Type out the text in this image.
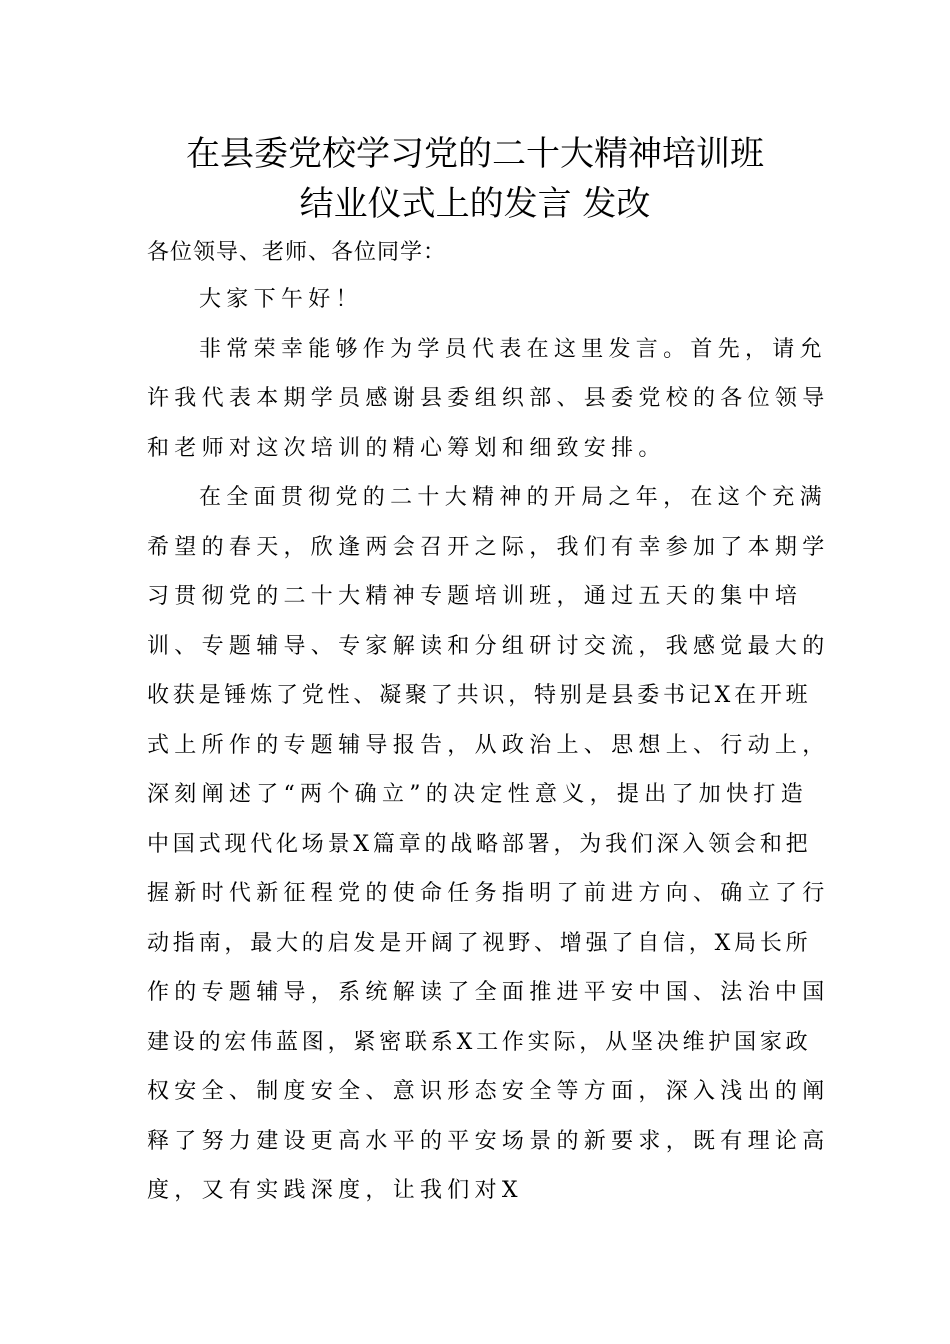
在县委党校学习党的二十大精神培训班
结业仪式上的发言 发改

各位领导、老师、各位同学：

大家下午好！
非常荣幸能够作为学员代表在这里发言。首先，请允
许我代表本期学员感谢县委组织部、县委党校的各位领导
和老师对这次培训的精心筹划和细致安排。
在全面贯彻党的二十大精神的开局之年，在这个充满
希望的春天，欣逢两会召开之际，我们有幸参加了本期学
习贯彻党的二十大精神专题培训班，通过五天的集中培
训、专题辅导、专家解读和分组研讨交流，我感觉最大的
收获是锤炼了党性、凝聚了共识，特别是县委书记X在开班
式上所作的专题辅导报告，从政治上、思想上、行动上，
深刻阐述了“两个确立”的决定性意义，提出了加快打造
中国式现代化场景X篇章的战略部署，为我们深入领会和把
握新时代新征程党的使命任务指明了前进方向、确立了行
动指南，最大的启发是开阔了视野、增强了自信，X局长所
作的专题辅导，系统解读了全面推进平安中国、法治中国
建设的宏伟蓝图，紧密联系X工作实际，从坚决维护国家政
权安全、制度安全、意识形态安全等方面，深入浅出的阐
释了努力建设更高水平的平安场景的新要求，既有理论高
度，又有实践深度，让我们对X
